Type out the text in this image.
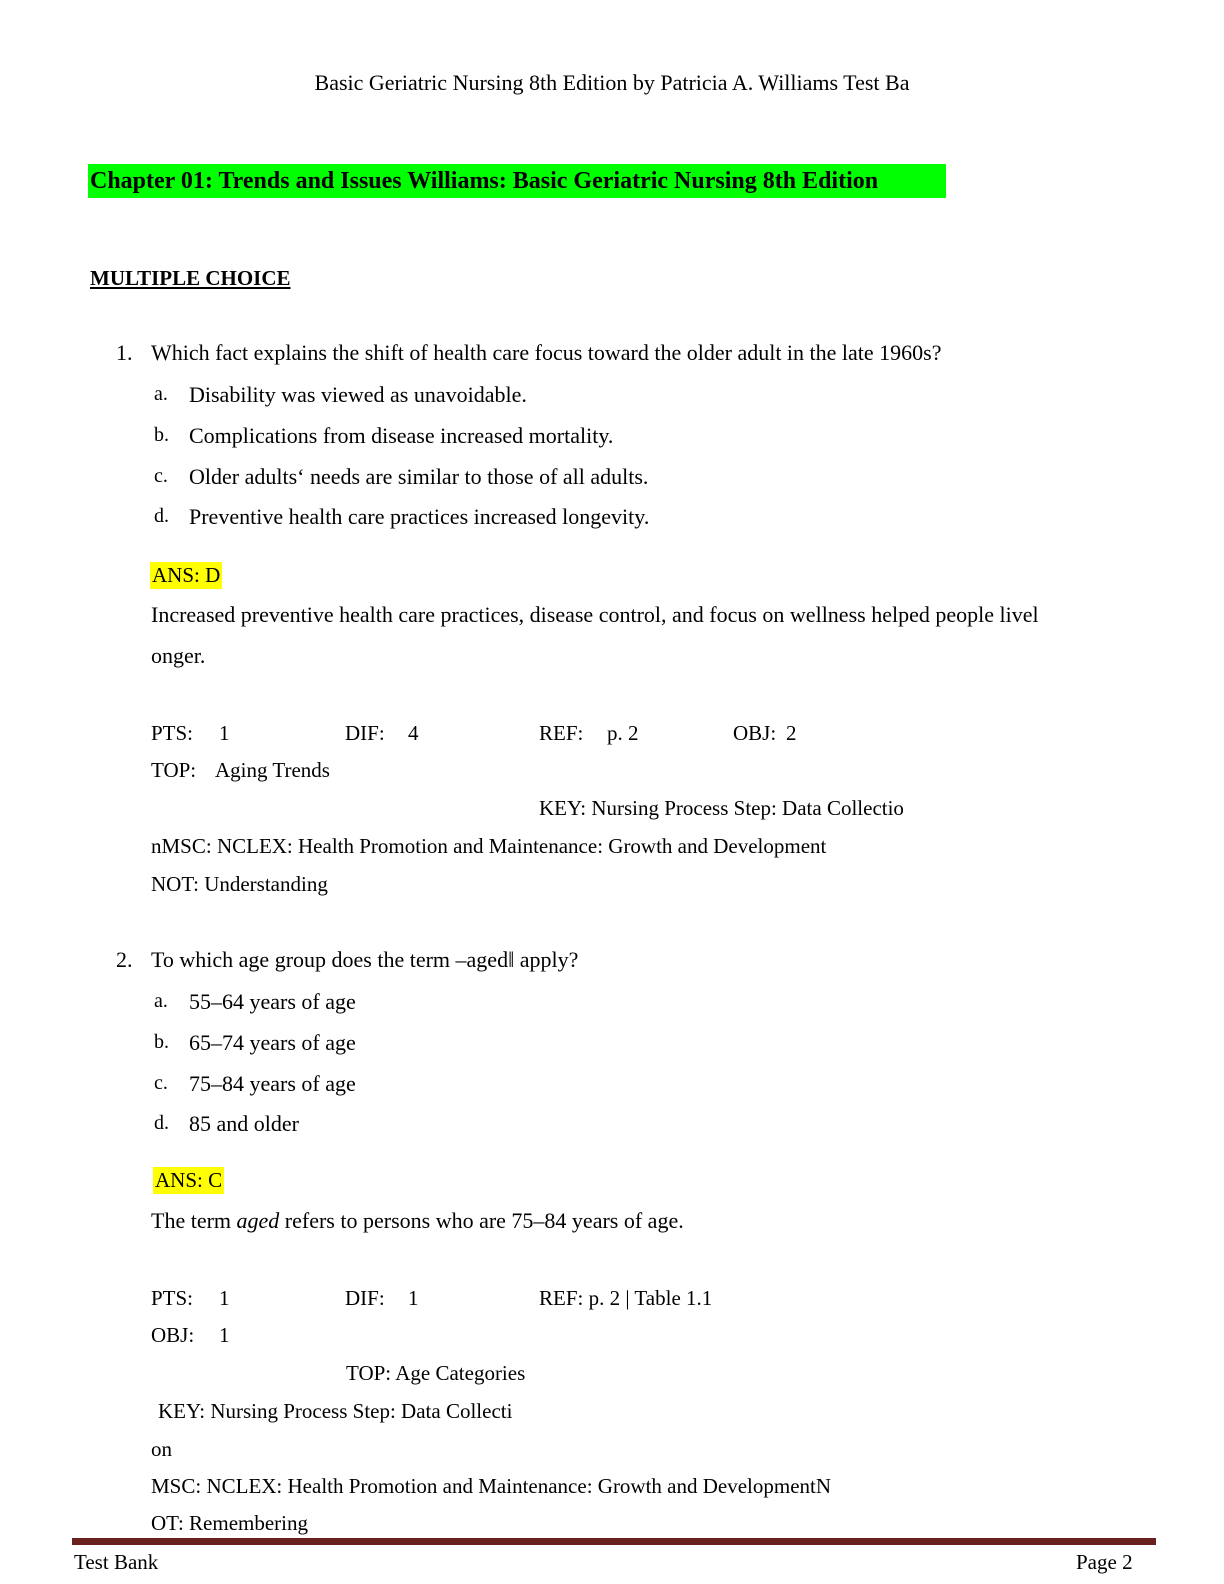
Basic Geriatric Nursing 8th Edition by Patricia A. Williams Test Ba
Chapter 01: Trends and Issues Williams: Basic Geriatric Nursing 8th Edition
MULTIPLE CHOICE
1. Which fact explains the shift of health care focus toward the older adult in the late 1960s?
a. Disability was viewed as unavoidable.
b. Complications from disease increased mortality.
c. Older adults‘ needs are similar to those of all adults.
d. Preventive health care practices increased longevity.
ANS: D
Increased preventive health care practices, disease control, and focus on wellness helped people livel
onger.
PTS: 1	DIF: 4	REF: p. 2	OBJ: 2
TOP: Aging Trends
KEY: Nursing Process Step: Data Collectio
nMSC: NCLEX: Health Promotion and Maintenance: Growth and Development
NOT: Understanding
2. To which age group does the term –aged‖ apply?
a. 55–64 years of age
b. 65–74 years of age
c. 75–84 years of age
d. 85 and older
ANS: C
The term aged refers to persons who are 75–84 years of age.
PTS: 1	DIF: 1	REF: p. 2 | Table 1.1
OBJ: 1
TOP: Age Categories
KEY: Nursing Process Step: Data Collecti
on
MSC: NCLEX: Health Promotion and Maintenance: Growth and DevelopmentN
OT: Remembering
Test Bank	Page 2
